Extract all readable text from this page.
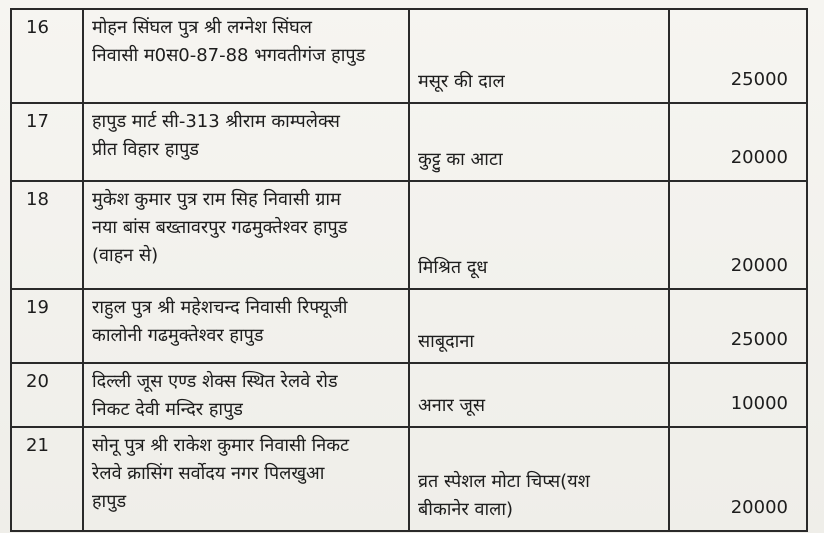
16	मोहन सिंघल पुत्र श्री लग्नेश सिंघल
निवासी म0स0-87-88 भगवतीगंज हापुड	मसूर की दाल	25000
17	हापुड मार्ट सी-313 श्रीराम काम्पलेक्स
प्रीत विहार हापुड	कुट्टु का आटा	20000
18	मुकेश कुमार पुत्र राम सिह निवासी ग्राम
नया बांस बख्तावरपुर गढमुक्तेश्वर हापुड
(वाहन से)	मिश्रित दूध	20000
19	राहुल पुत्र श्री महेशचन्द निवासी रिफ्यूजी
कालोनी गढमुक्तेश्वर हापुड	साबूदाना	25000
20	दिल्ली जूस एण्ड शेक्स स्थित रेलवे रोड
निकट देवी मन्दिर हापुड	अनार जूस	10000
21	सोनू पुत्र श्री राकेश कुमार निवासी निकट
रेलवे क्रासिंग सर्वोदय नगर पिलखुआ
हापुड	व्रत स्पेशल मोटा चिप्स(यश
बीकानेर वाला)	20000
